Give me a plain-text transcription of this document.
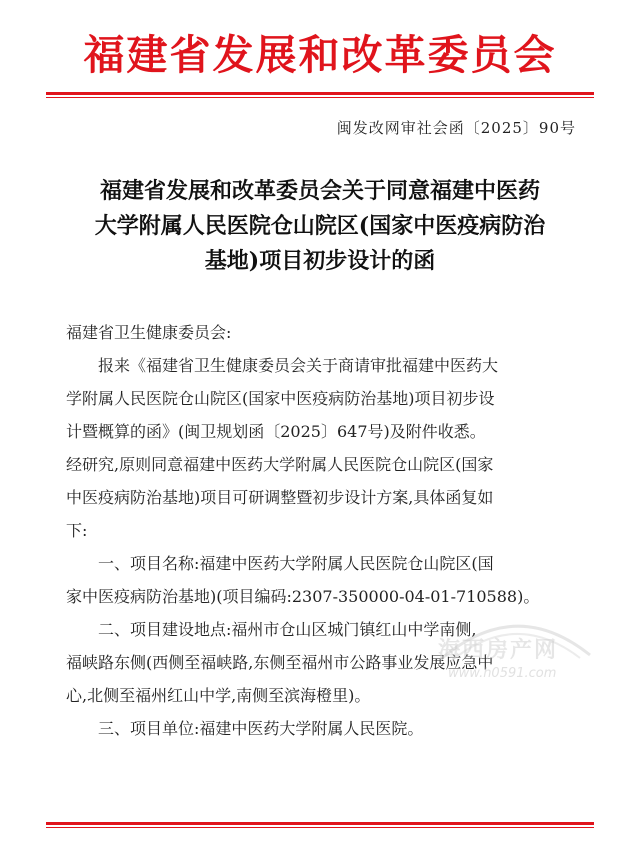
福建省发展和改革委员会
闽发改网审社会函〔2025〕90号
福建省发展和改革委员会关于同意福建中医药
大学附属人民医院仓山院区(国家中医疫病防治
基地)项目初步设计的函
福建省卫生健康委员会:
　　报来《福建省卫生健康委员会关于商请审批福建中医药大
学附属人民医院仓山院区(国家中医疫病防治基地)项目初步设
计暨概算的函》(闽卫规划函〔2025〕647号)及附件收悉。
经研究,原则同意福建中医药大学附属人民医院仓山院区(国家
中医疫病防治基地)项目可研调整暨初步设计方案,具体函复如
下:
　　一、项目名称:福建中医药大学附属人民医院仓山院区(国
家中医疫病防治基地)(项目编码:2307-350000-04-01-710588)。
　　二、项目建设地点:福州市仓山区城门镇红山中学南侧,
福峡路东侧(西侧至福峡路,东侧至福州市公路事业发展应急中
心,北侧至福州红山中学,南侧至滨海橙里)。
　　三、项目单位:福建中医药大学附属人民医院。
海西房产网
www.h0591.com
